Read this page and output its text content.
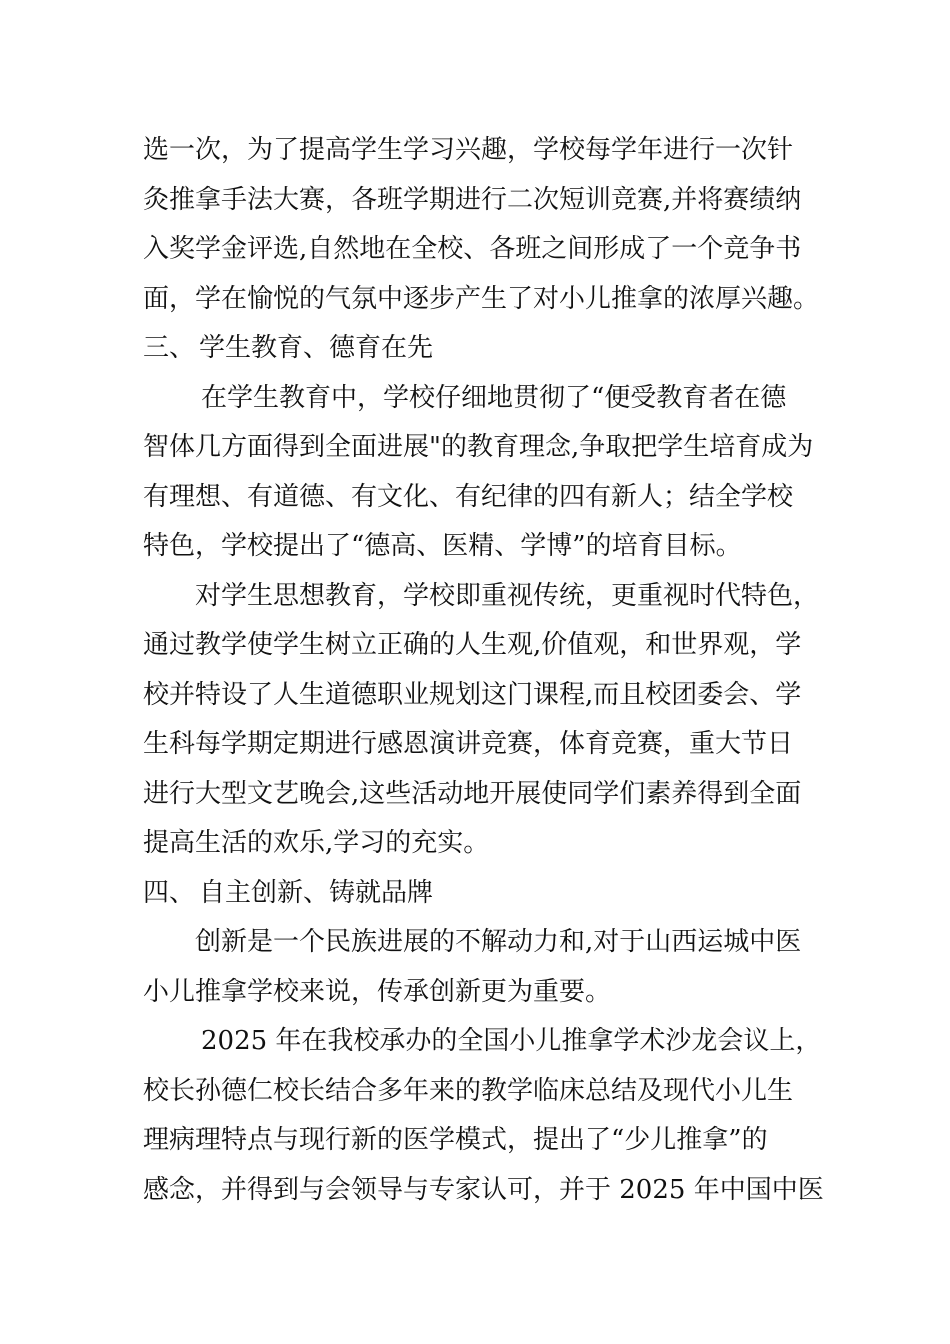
选一次，为了提高学生学习兴趣，学校每学年进行一次针
灸推拿手法大赛，各班学期进行二次短训竞赛,并将赛绩纳
入奖学金评选,自然地在全校、各班之间形成了一个竞争书
面，学在愉悦的气氛中逐步产生了对小儿推拿的浓厚兴趣。
三、 学生教育、德育在先
在学生教育中，学校仔细地贯彻了“便受教育者在德
智体几方面得到全面进展"的教育理念,争取把学生培育成为
有理想、有道德、有文化、有纪律的四有新人；结全学校
特色，学校提出了“德高、医精、学博”的培育目标。
对学生思想教育，学校即重视传统，更重视时代特色，
通过教学使学生树立正确的人生观,价值观，和世界观，学
校并特设了人生道德职业规划这门课程,而且校团委会、学
生科每学期定期进行感恩演讲竞赛，体育竞赛，重大节日
进行大型文艺晚会,这些活动地开展使同学们素养得到全面
提高生活的欢乐,学习的充实。
四、 自主创新、铸就品牌
创新是一个民族进展的不解动力和,对于山西运城中医
小儿推拿学校来说，传承创新更为重要。
2025 年在我校承办的全国小儿推拿学术沙龙会议上，
校长孙德仁校长结合多年来的教学临床总结及现代小儿生
理病理特点与现行新的医学模式，提出了“少儿推拿”的
感念，并得到与会领导与专家认可，并于 2025 年中国中医
